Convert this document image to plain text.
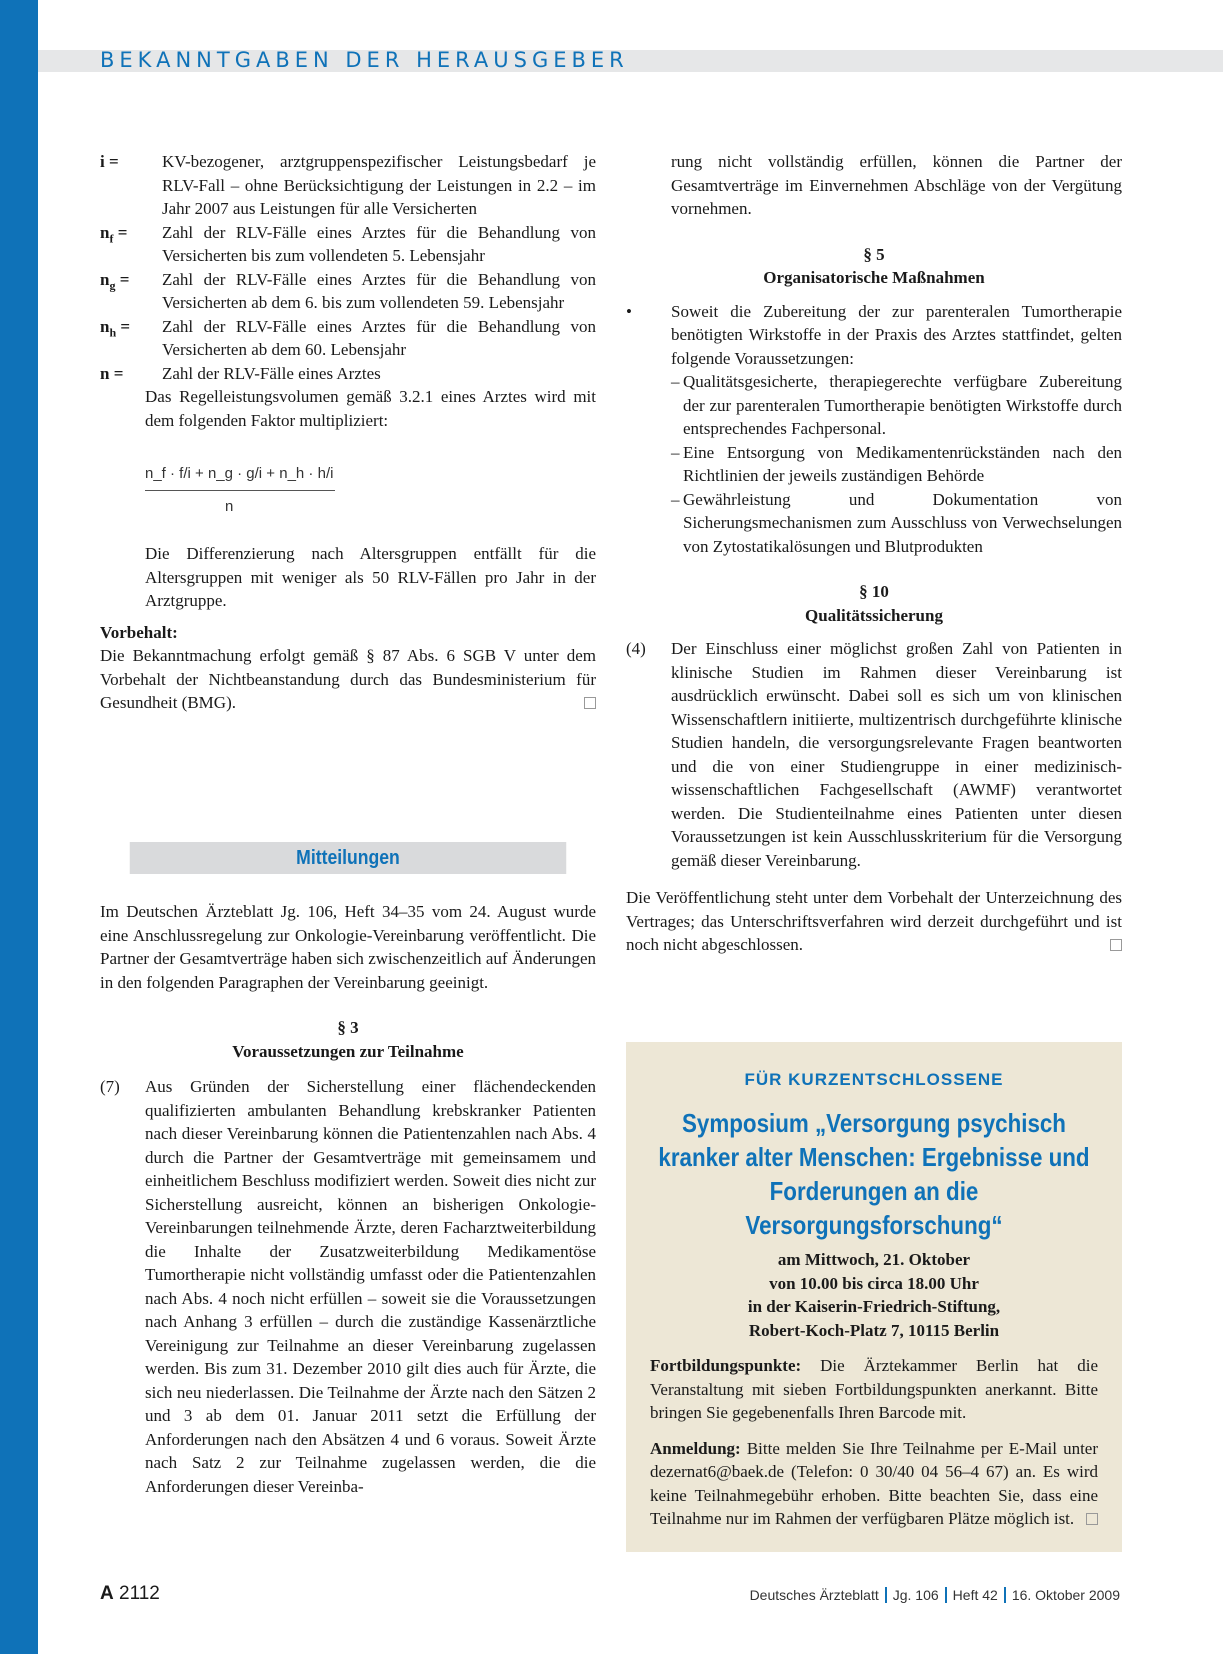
BEKANNTGABEN DER HERAUSGEBER
i =	KV-bezogener, arztgruppenspezifischer Leistungsbedarf je RLV-Fall – ohne Berücksichtigung der Leistungen in 2.2 – im Jahr 2007 aus Leistungen für alle Versicherten
$n_f$ =	Zahl der RLV-Fälle eines Arztes für die Behandlung von Versicherten bis zum vollendeten 5. Lebensjahr
$n_g$ =	Zahl der RLV-Fälle eines Arztes für die Behandlung von Versicherten ab dem 6. bis zum vollendeten 59. Lebensjahr
$n_h$ =	Zahl der RLV-Fälle eines Arztes für die Behandlung von Versicherten ab dem 60. Lebensjahr
n =	Zahl der RLV-Fälle eines Arztes
Das Regelleistungsvolumen gemäß 3.2.1 eines Arztes wird mit dem folgenden Faktor multipliziert:
n_f · f/i + n_g · g/i + n_h · h/i
n
Die Differenzierung nach Altersgruppen entfällt für die Altersgruppen mit weniger als 50 RLV-Fällen pro Jahr in der Arztgruppe.
Vorbehalt:
Die Bekanntmachung erfolgt gemäß § 87 Abs. 6 SGB V unter dem Vorbehalt der Nichtbeanstandung durch das Bundesministerium für Gesundheit (BMG).
Mitteilungen
Im Deutschen Ärzteblatt Jg. 106, Heft 34–35 vom 24. August wurde eine Anschlussregelung zur Onkologie-Vereinbarung veröffentlicht. Die Partner der Gesamtverträge haben sich zwischenzeitlich auf Änderungen in den folgenden Paragraphen der Vereinbarung geeinigt.
§ 3
Voraussetzungen zur Teilnahme
(7)	Aus Gründen der Sicherstellung einer flächendeckenden qualifizierten ambulanten Behandlung krebskranker Patienten nach dieser Vereinbarung können die Patientenzahlen nach Abs. 4 durch die Partner der Gesamtverträge mit gemeinsamem und einheitlichem Beschluss modifiziert werden. Soweit dies nicht zur Sicherstellung ausreicht, können an bisherigen Onkologie-Vereinbarungen teilnehmende Ärzte, deren Facharztweiterbildung die Inhalte der Zusatzweiterbildung Medikamentöse Tumortherapie nicht vollständig umfasst oder die Patientenzahlen nach Abs. 4 noch nicht erfüllen – soweit sie die Voraussetzungen nach Anhang 3 erfüllen – durch die zuständige Kassenärztliche Vereinigung zur Teilnahme an dieser Vereinbarung zugelassen werden. Bis zum 31. Dezember 2010 gilt dies auch für Ärzte, die sich neu niederlassen. Die Teilnahme der Ärzte nach den Sätzen 2 und 3 ab dem 01. Januar 2011 setzt die Erfüllung der Anforderungen nach den Absätzen 4 und 6 voraus. Soweit Ärzte nach Satz 2 zur Teilnahme zugelassen werden, die die Anforderungen dieser Vereinba-
rung nicht vollständig erfüllen, können die Partner der Gesamtverträge im Einvernehmen Abschläge von der Vergütung vornehmen.
§ 5
Organisatorische Maßnahmen
•	Soweit die Zubereitung der zur parenteralen Tumortherapie benötigten Wirkstoffe in der Praxis des Arztes stattfindet, gelten folgende Voraussetzungen:
– Qualitätsgesicherte, therapiegerechte verfügbare Zubereitung der zur parenteralen Tumortherapie benötigten Wirkstoffe durch entsprechendes Fachpersonal.
– Eine Entsorgung von Medikamentenrückständen nach den Richtlinien der jeweils zuständigen Behörde
– Gewährleistung und Dokumentation von Sicherungsmechanismen zum Ausschluss von Verwechselungen von Zytostatikalösungen und Blutprodukten
§ 10
Qualitätssicherung
(4)	Der Einschluss einer möglichst großen Zahl von Patienten in klinische Studien im Rahmen dieser Vereinbarung ist ausdrücklich erwünscht. Dabei soll es sich um von klinischen Wissenschaftlern initiierte, multizentrisch durchgeführte klinische Studien handeln, die versorgungsrelevante Fragen beantworten und die von einer Studiengruppe in einer medizinisch-wissenschaftlichen Fachgesellschaft (AWMF) verantwortet werden. Die Studienteilnahme eines Patienten unter diesen Voraussetzungen ist kein Ausschlusskriterium für die Versorgung gemäß dieser Vereinbarung.
Die Veröffentlichung steht unter dem Vorbehalt der Unterzeichnung des Vertrages; das Unterschriftsverfahren wird derzeit durchgeführt und ist noch nicht abgeschlossen.
FÜR KURZENTSCHLOSSENE
Symposium „Versorgung psychisch kranker alter Menschen: Ergebnisse und Forderungen an die Versorgungsforschung“
am Mittwoch, 21. Oktober
von 10.00 bis circa 18.00 Uhr
in der Kaiserin-Friedrich-Stiftung,
Robert-Koch-Platz 7, 10115 Berlin
Fortbildungspunkte: Die Ärztekammer Berlin hat die Veranstaltung mit sieben Fortbildungspunkten anerkannt. Bitte bringen Sie gegebenenfalls Ihren Barcode mit.
Anmeldung: Bitte melden Sie Ihre Teilnahme per E-Mail unter dezernat6@baek.de (Telefon: 0 30/40 04 56–4 67) an. Es wird keine Teilnahmegebühr erhoben. Bitte beachten Sie, dass eine Teilnahme nur im Rahmen der verfügbaren Plätze möglich ist.
A 2112	Deutsches Ärzteblatt Jg. 106 Heft 42 16. Oktober 2009
